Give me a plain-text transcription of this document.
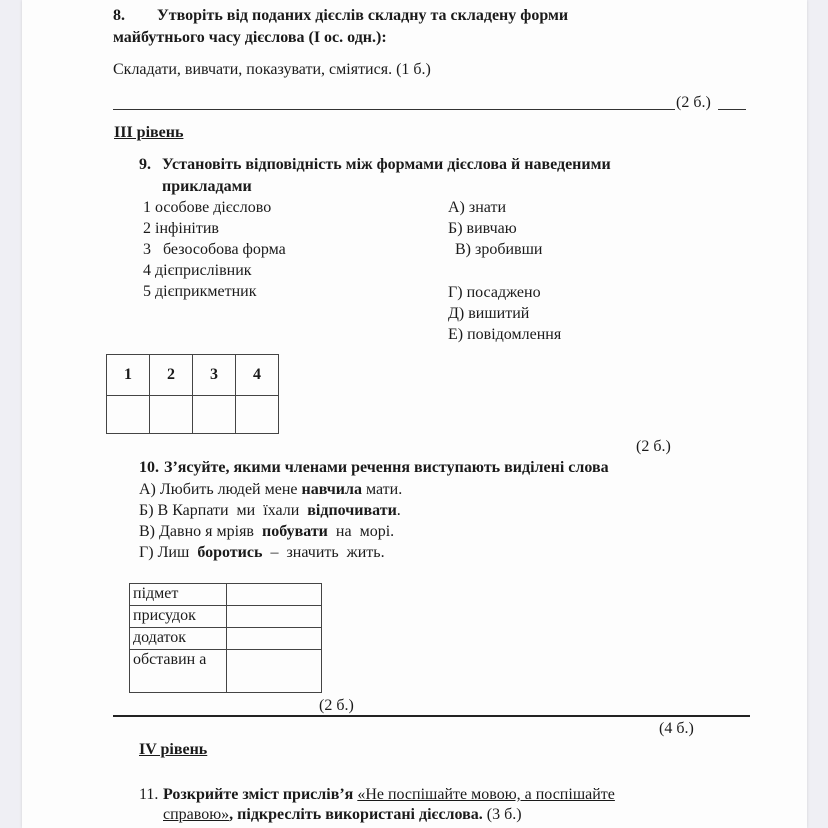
8. Утворіть від поданих дієслів складну та складену форми
майбутнього часу дієслова (І ос. одн.):
Складати, вивчати, показувати, сміятися. (1 б.)
(2 б.)
ІІІ рівень
9. Установіть відповідність між формами дієслова й наведеними
прикладами
1 особове дієслово
2 інфінітив
3   безособова форма
4 дієприслівник
5 дієприкметник
А) знати
Б) вивчаю
В) зробивши
Г) посаджено
Д) вишитий
Е) повідомлення
1	2	3	4

(2 б.)
10. З’ясуйте, якими членами речення виступають виділені слова
А) Любить людей мене навчила мати.
Б) В Карпати  ми  їхали  відпочивати.
В) Давно я мріяв  побувати  на  морі.
Г) Лиш  боротись  –  значить  жить.
підмет	
присудок	
додаток	
обставин а	
(2 б.)
(4 б.)
IV рівень
11. Розкрийте зміст прислів’я «Не поспішайте мовою, а поспішайте
справою», підкресліть використані дієслова. (3 б.)
